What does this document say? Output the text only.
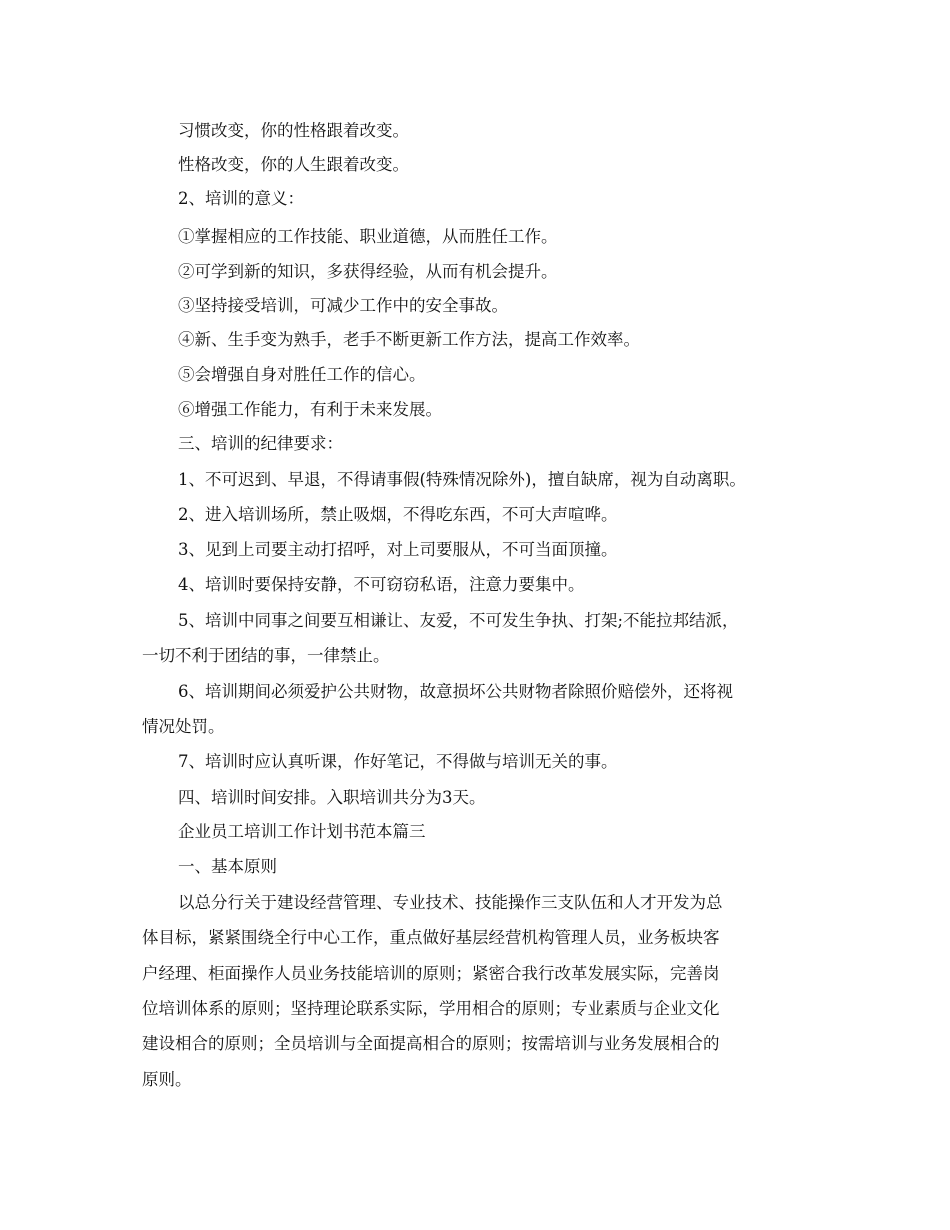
习惯改变，你的性格跟着改变。
性格改变，你的人生跟着改变。
2、培训的意义：
①掌握相应的工作技能、职业道德，从而胜任工作。
②可学到新的知识，多获得经验，从而有机会提升。
③坚持接受培训，可减少工作中的安全事故。
④新、生手变为熟手，老手不断更新工作方法，提高工作效率。
⑤会增强自身对胜任工作的信心。
⑥增强工作能力，有利于未来发展。
三、培训的纪律要求：
1、不可迟到、早退，不得请事假(特殊情况除外)，擅自缺席，视为自动离职。
2、进入培训场所，禁止吸烟，不得吃东西，不可大声喧哗。
3、见到上司要主动打招呼，对上司要服从，不可当面顶撞。
4、培训时要保持安静，不可窃窃私语，注意力要集中。
5、培训中同事之间要互相谦让、友爱，不可发生争执、打架;不能拉邦结派，
一切不利于团结的事，一律禁止。
6、培训期间必须爱护公共财物，故意损坏公共财物者除照价赔偿外，还将视
情况处罚。
7、培训时应认真听课，作好笔记，不得做与培训无关的事。
四、培训时间安排。入职培训共分为3天。
企业员工培训工作计划书范本篇三
一、基本原则
以总分行关于建设经营管理、专业技术、技能操作三支队伍和人才开发为总
体目标，紧紧围绕全行中心工作，重点做好基层经营机构管理人员，业务板块客
户经理、柜面操作人员业务技能培训的原则；紧密合我行改革发展实际，完善岗
位培训体系的原则；坚持理论联系实际，学用相合的原则；专业素质与企业文化
建设相合的原则；全员培训与全面提高相合的原则；按需培训与业务发展相合的
原则。
